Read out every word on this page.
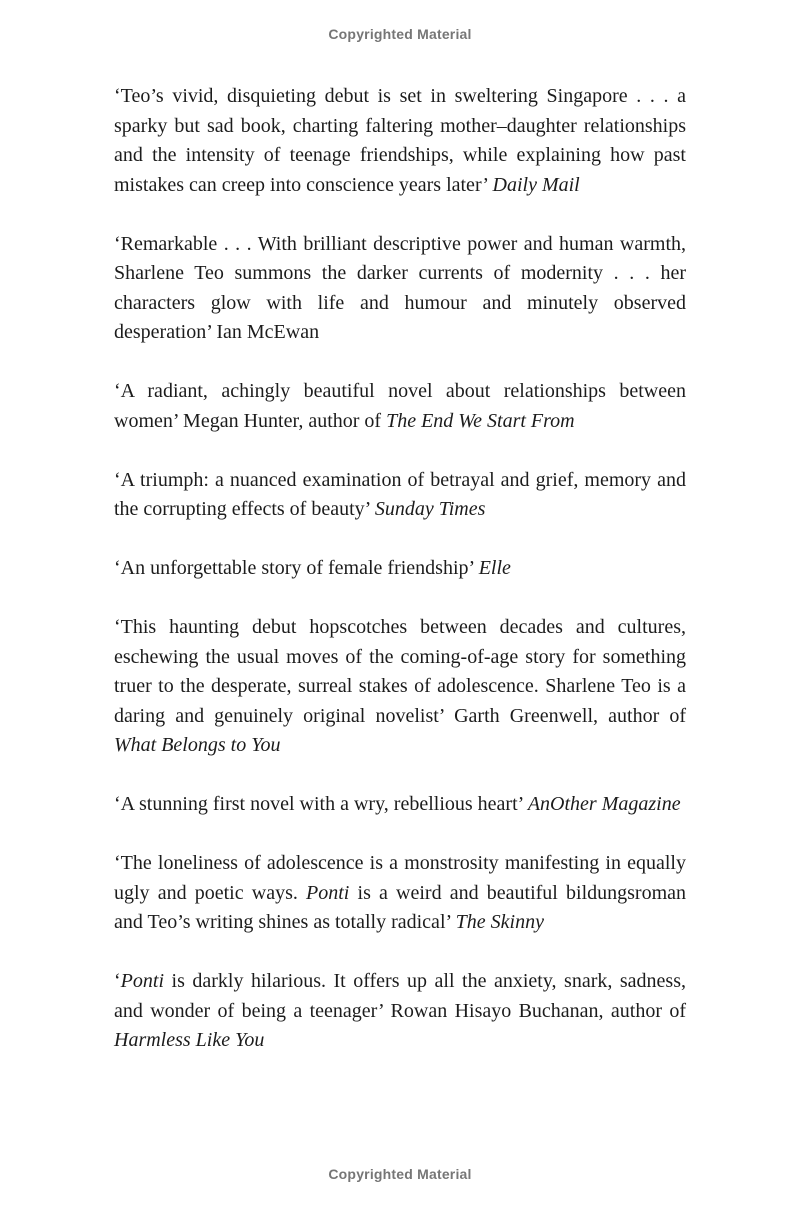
Copyrighted Material

‘Teo’s vivid, disquieting debut is set in sweltering Singapore . . . a sparky but sad book, charting faltering mother–daughter relationships and the intensity of teenage friendships, while explaining how past mistakes can creep into conscience years later’ Daily Mail

‘Remarkable . . . With brilliant descriptive power and human warmth, Sharlene Teo summons the darker currents of modernity . . . her characters glow with life and humour and minutely observed desperation’ Ian McEwan

‘A radiant, achingly beautiful novel about relationships between women’ Megan Hunter, author of The End We Start From

‘A triumph: a nuanced examination of betrayal and grief, memory and the corrupting effects of beauty’ Sunday Times

‘An unforgettable story of female friendship’ Elle

‘This haunting debut hopscotches between decades and cultures, eschewing the usual moves of the coming-of-age story for something truer to the desperate, surreal stakes of adolescence. Sharlene Teo is a daring and genuinely original novelist’ Garth Greenwell, author of What Belongs to You

‘A stunning first novel with a wry, rebellious heart’ AnOther Magazine

‘The loneliness of adolescence is a monstrosity manifesting in equally ugly and poetic ways. Ponti is a weird and beautiful bildungsroman and Teo’s writing shines as totally radical’ The Skinny

‘Ponti is darkly hilarious. It offers up all the anxiety, snark, sadness, and wonder of being a teenager’ Rowan Hisayo Buchanan, author of Harmless Like You

Copyrighted Material
